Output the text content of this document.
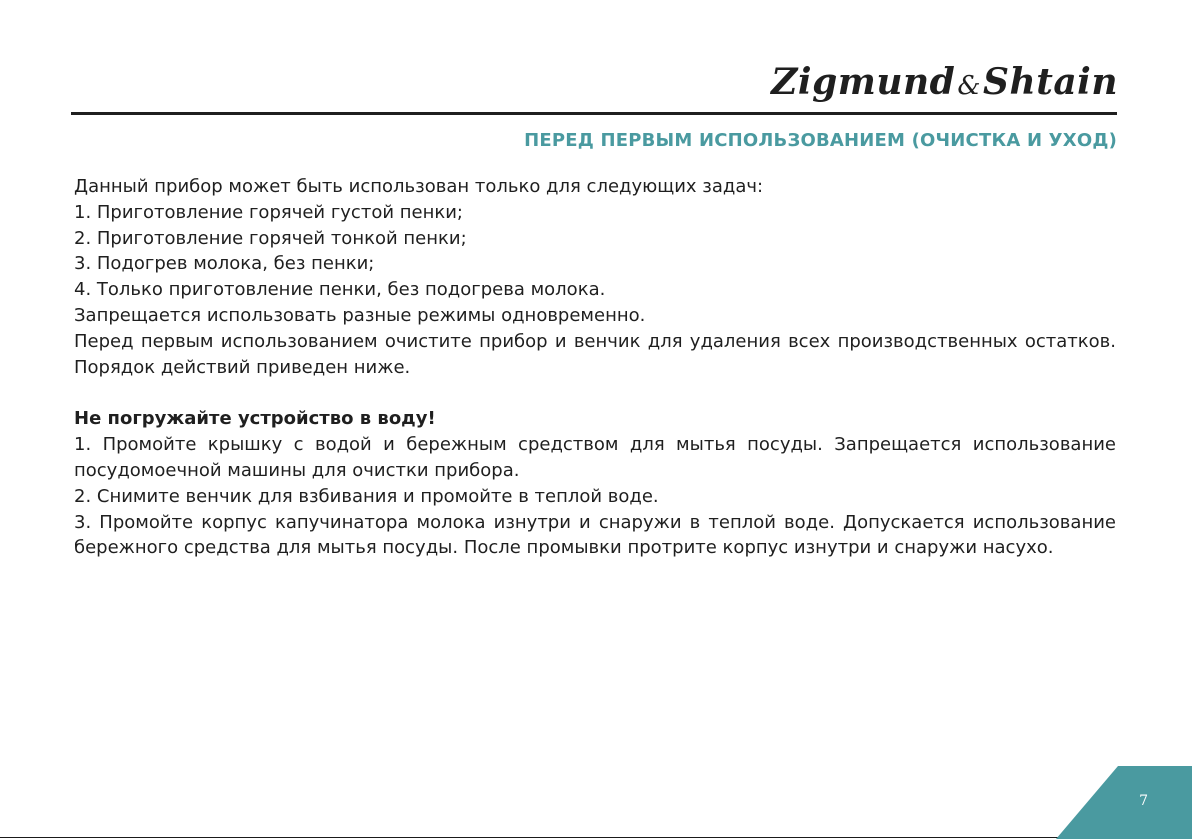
Zigmund&Shtain
ПЕРЕД ПЕРВЫМ ИСПОЛЬЗОВАНИЕМ (ОЧИСТКА И УХОД)

Данный прибор может быть использован только для следующих задач:

1. Приготовление горячей густой пенки;

2. Приготовление горячей тонкой пенки;

3. Подогрев молока, без пенки;

4. Только приготовление пенки, без подогрева молока.

Запрещается использовать разные режимы одновременно.

Перед первым использованием очистите прибор и венчик для удаления всех производственных остатков. Порядок действий приведен ниже.

Не погружайте устройство в воду!

1. Промойте крышку с водой и бережным средством для мытья посуды. Запрещается использование посудомоечной машины для очистки прибора.

2. Снимите венчик для взбивания и промойте в теплой воде.

3. Промойте корпус капучинатора молока изнутри и снаружи в теплой воде. Допускается использование бережного средства для мытья посуды. После промывки протрите корпус изнутри и снаружи насухо.

7
